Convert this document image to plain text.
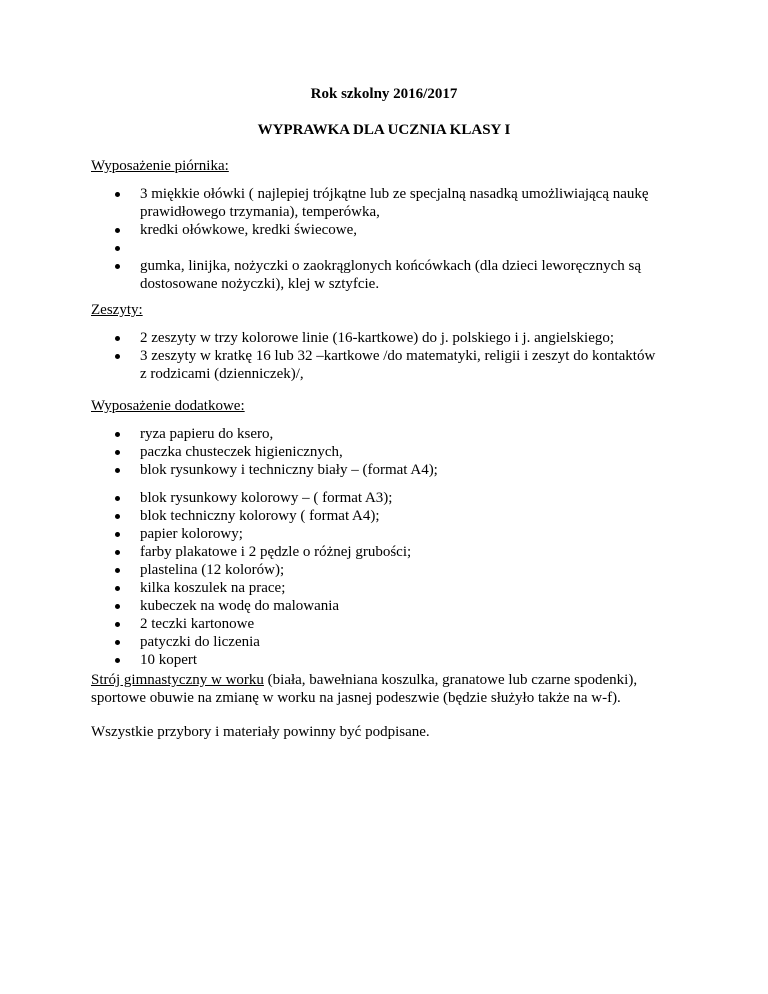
Rok szkolny 2016/2017

WYPRAWKA DLA UCZNIA KLASY I

Wyposażenie piórnika:

3 miękkie ołówki ( najlepiej trójkątne lub ze specjalną nasadką umożliwiającą naukę
prawidłowego trzymania), temperówka,
kredki ołówkowe, kredki świecowe,
gumka, linijka, nożyczki o zaokrąglonych końcówkach (dla dzieci leworęcznych są
dostosowane nożyczki), klej w sztyfcie.

Zeszyty:

2 zeszyty w trzy kolorowe linie (16-kartkowe) do j. polskiego i j. angielskiego;
3 zeszyty w kratkę 16 lub 32 –kartkowe /do matematyki, religii i zeszyt do kontaktów
z rodzicami (dzienniczek)/,

Wyposażenie dodatkowe:

ryza papieru do ksero,
paczka chusteczek higienicznych,
blok rysunkowy i techniczny biały – (format A4);
blok rysunkowy kolorowy – ( format A3);
blok techniczny kolorowy ( format A4);
papier kolorowy;
farby plakatowe i 2 pędzle o różnej grubości;
plastelina (12 kolorów);
kilka koszulek na prace;
kubeczek na wodę do malowania
2 teczki kartonowe
patyczki do liczenia
10 kopert

Strój gimnastyczny w worku (biała, bawełniana koszulka, granatowe lub czarne spodenki),
sportowe obuwie na zmianę w worku na jasnej podeszwie (będzie służyło także na w-f).

Wszystkie przybory i materiały powinny być podpisane.
